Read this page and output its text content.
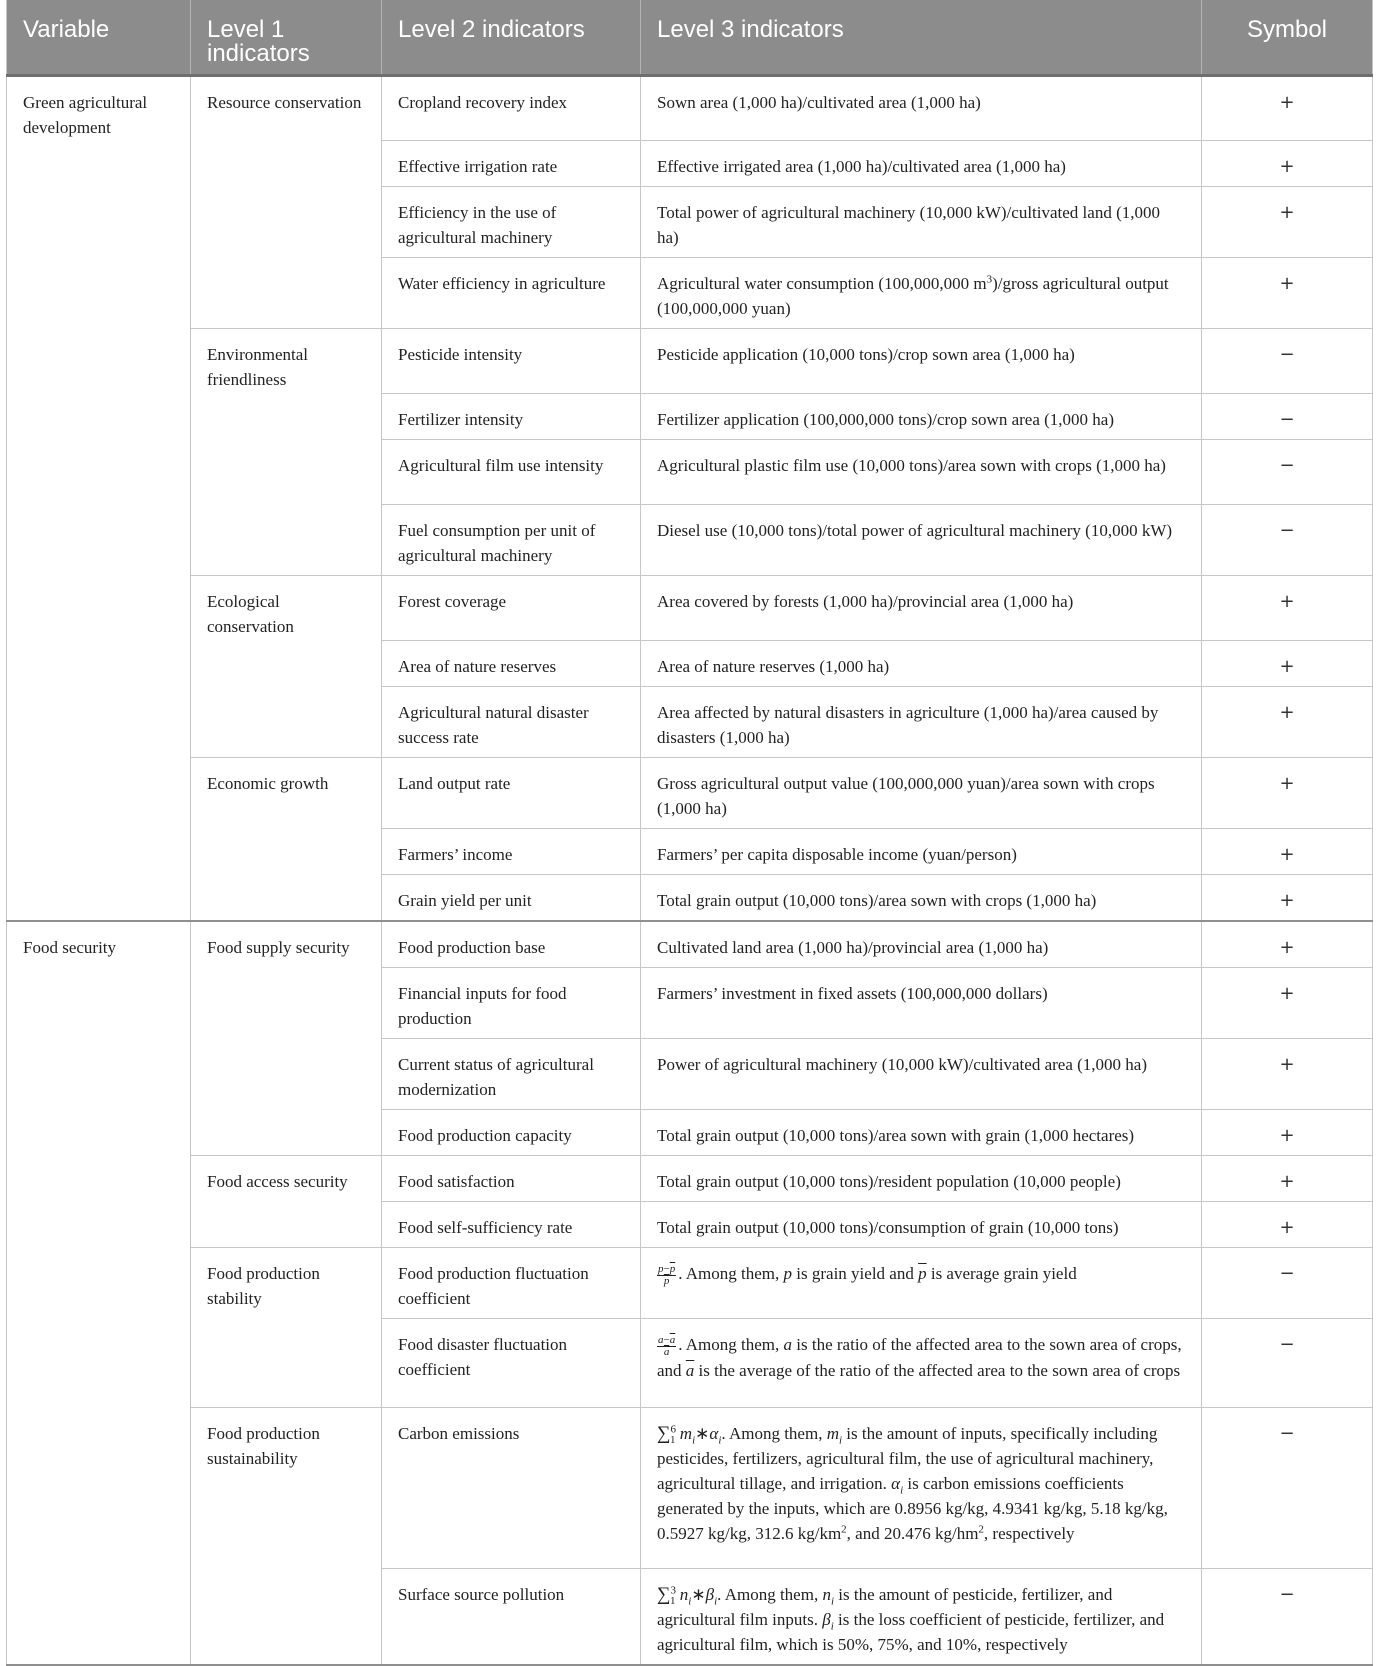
Variable	Level 1 indicators	Level 2 indicators	Level 3 indicators	Symbol
Green agricultural development	Resource conservation	Cropland recovery index	Sown area (1,000 ha)/cultivated area (1,000 ha)	+
		Effective irrigation rate	Effective irrigated area (1,000 ha)/cultivated area (1,000 ha)	+
		Efficiency in the use of agricultural machinery	Total power of agricultural machinery (10,000 kW)/cultivated land (1,000 ha)	+
		Water efficiency in agriculture	Agricultural water consumption (100,000,000 $m^3$)/gross agricultural output (100,000,000 yuan)	+
	Environmental friendliness	Pesticide intensity	Pesticide application (10,000 tons)/crop sown area (1,000 ha)	−
		Fertilizer intensity	Fertilizer application (100,000,000 tons)/crop sown area (1,000 ha)	−
		Agricultural film use intensity	Agricultural plastic film use (10,000 tons)/area sown with crops (1,000 ha)	−
		Fuel consumption per unit of agricultural machinery	Diesel use (10,000 tons)/total power of agricultural machinery (10,000 kW)	−
	Ecological conservation	Forest coverage	Area covered by forests (1,000 ha)/provincial area (1,000 ha)	+
		Area of nature reserves	Area of nature reserves (1,000 ha)	+
		Agricultural natural disaster success rate	Area affected by natural disasters in agriculture (1,000 ha)/area caused by disasters (1,000 ha)	+
	Economic growth	Land output rate	Gross agricultural output value (100,000,000 yuan)/area sown with crops (1,000 ha)	+
		Farmers’ income	Farmers’ per capita disposable income (yuan/person)	+
		Grain yield per unit	Total grain output (10,000 tons)/area sown with crops (1,000 ha)	+
Food security	Food supply security	Food production base	Cultivated land area (1,000 ha)/provincial area (1,000 ha)	+
		Financial inputs for food production	Farmers’ investment in fixed assets (100,000,000 dollars)	+
		Current status of agricultural modernization	Power of agricultural machinery (10,000 kW)/cultivated area (1,000 ha)	+
		Food production capacity	Total grain output (10,000 tons)/area sown with grain (1,000 hectares)	+
	Food access security	Food satisfaction	Total grain output (10,000 tons)/resident population (10,000 people)	+
		Food self-sufficiency rate	Total grain output (10,000 tons)/consumption of grain (10,000 tons)	+
	Food production stability	Food production fluctuation coefficient	$\frac{p-\overline{p}}{p}$ . Among them, p is grain yield and $\overline{p}$ is average grain yield	−
		Food disaster fluctuation coefficient	$\frac{a-\overline{a}}{a}$ . Among them, a is the ratio of the affected area to the sown area of crops, and $\overline{a}$ is the average of the ratio of the affected area to the sown area of crops	−
	Food production sustainability	Carbon emissions	∑$^6_1$ $m_i∗\alpha_i$. Among them, $m_i$ is the amount of inputs, specifically including pesticides, fertilizers, agricultural film, the use of agricultural machinery, agricultural tillage, and irrigation. $\alpha_i$ is carbon emissions coefficients generated by the inputs, which are 0.8956 kg/kg, 4.9341 kg/kg, 5.18 kg/kg, 0.5927 kg/kg, 312.6 $kg/km^2$, and 20.476 $kg/hm^2$, respectively	−
		Surface source pollution	∑$^3_1$ $n_i∗\beta_i$. Among them, $n_i$ is the amount of pesticide, fertilizer, and agricultural film inputs. $\beta_i$ is the loss coefficient of pesticide, fertilizer, and agricultural film, which is 50%, 75%, and 10%, respectively	−
